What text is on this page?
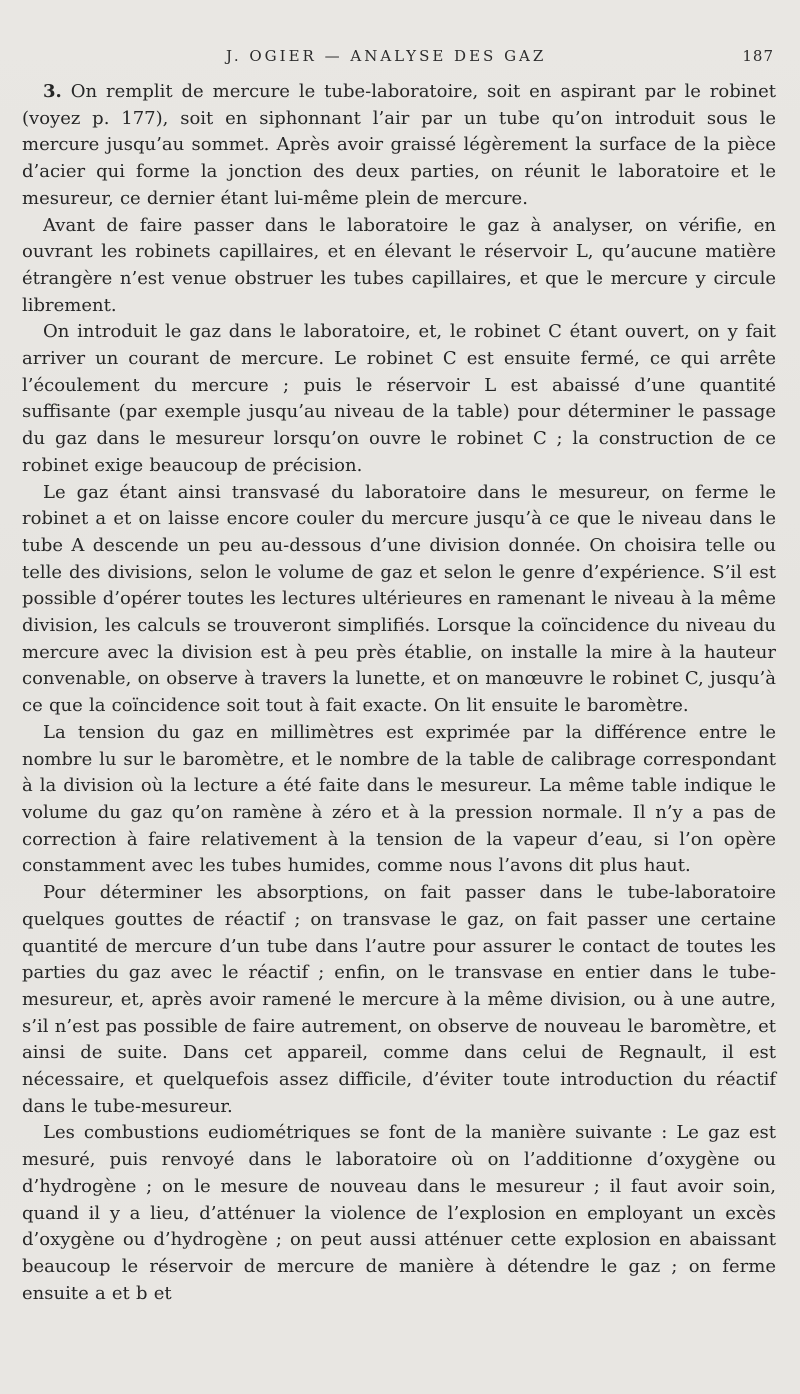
J. OGIER — ANALYSE DES GAZ	187

3. On remplit de mercure le tube-laboratoire, soit en aspirant par le robinet (voyez p. 177), soit en siphonnant l’air par un tube qu’on introduit sous le mercure jusqu’au sommet. Après avoir graissé légèrement la surface de la pièce d’acier qui forme la jonction des deux parties, on réunit le laboratoire et le mesureur, ce dernier étant lui-même plein de mercure.

Avant de faire passer dans le laboratoire le gaz à analyser, on vérifie, en ouvrant les robinets capillaires, et en élevant le réservoir L, qu’aucune matière étrangère n’est venue obstruer les tubes capillaires, et que le mercure y circule librement.

On introduit le gaz dans le laboratoire, et, le robinet C étant ouvert, on y fait arriver un courant de mercure. Le robinet C est ensuite fermé, ce qui arrête l’écoulement du mercure ; puis le réservoir L est abaissé d’une quantité suffisante (par exemple jusqu’au niveau de la table) pour déterminer le passage du gaz dans le mesureur lorsqu’on ouvre le robinet C ; la construction de ce robinet exige beaucoup de précision.

Le gaz étant ainsi transvasé du laboratoire dans le mesureur, on ferme le robinet a et on laisse encore couler du mercure jusqu’à ce que le niveau dans le tube A descende un peu au-dessous d’une division donnée. On choisira telle ou telle des divisions, selon le volume de gaz et selon le genre d’expérience. S’il est possible d’opérer toutes les lectures ultérieures en ramenant le niveau à la même division, les calculs se trouveront simplifiés. Lorsque la coïncidence du niveau du mercure avec la division est à peu près établie, on installe la mire à la hauteur convenable, on observe à travers la lunette, et on manœuvre le robinet C, jusqu’à ce que la coïncidence soit tout à fait exacte. On lit ensuite le baromètre.

La tension du gaz en millimètres est exprimée par la différence entre le nombre lu sur le baromètre, et le nombre de la table de calibrage correspondant à la division où la lecture a été faite dans le mesureur. La même table indique le volume du gaz qu’on ramène à zéro et à la pression normale. Il n’y a pas de correction à faire relativement à la tension de la vapeur d’eau, si l’on opère constamment avec les tubes humides, comme nous l’avons dit plus haut.

Pour déterminer les absorptions, on fait passer dans le tube-laboratoire quelques gouttes de réactif ; on transvase le gaz, on fait passer une certaine quantité de mercure d’un tube dans l’autre pour assurer le contact de toutes les parties du gaz avec le réactif ; enfin, on le transvase en entier dans le tube-mesureur, et, après avoir ramené le mercure à la même division, ou à une autre, s’il n’est pas possible de faire autrement, on observe de nouveau le baromètre, et ainsi de suite. Dans cet appareil, comme dans celui de Regnault, il est nécessaire, et quelquefois assez difficile, d’éviter toute introduction du réactif dans le tube-mesureur.

Les combustions eudiométriques se font de la manière suivante : Le gaz est mesuré, puis renvoyé dans le laboratoire où on l’additionne d’oxygène ou d’hydrogène ; on le mesure de nouveau dans le mesureur ; il faut avoir soin, quand il y a lieu, d’atténuer la violence de l’explosion en employant un excès d’oxygène ou d’hydrogène ; on peut aussi atténuer cette explosion en abaissant beaucoup le réservoir de mercure de manière à détendre le gaz ; on ferme ensuite a et b et
